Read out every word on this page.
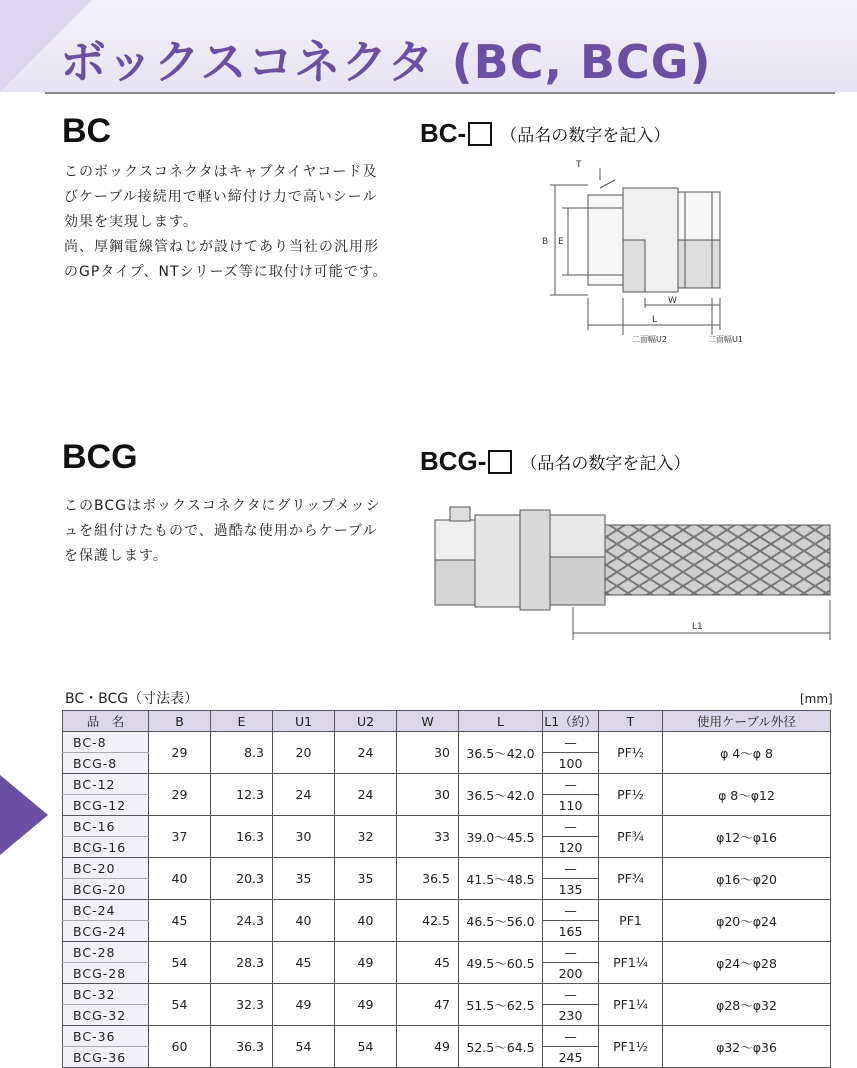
ボックスコネクタ (BC, BCG)
BC	BC- （品名の数字を記入）
このボックスコネクタはキャブタイヤコード及
びケーブル接続用で軽い締付け力で高いシール
効果を実現します。
尚、厚鋼電線管ねじが設けてあり当社の汎用形
のGPタイプ、NTシリーズ等に取付け可能です。
T
B E
W
L
二面幅U2	二面幅U1
BCG	BCG- （品名の数字を記入）
このBCGはボックスコネクタにグリップメッシ
ュを組付けたもので、過酷な使用からケーブル
を保護します。
L1
BC・BCG（寸法表）	[mm]
品　名	B	E	U1	U2	W	L	L1（約）	T	使用ケーブル外径
BC-8	29	8.3	20	24	30	36.5〜42.0	—	PF½	φ 4〜φ 8
BCG-8							100		
BC-12	29	12.3	24	24	30	36.5〜42.0	—	PF½	φ 8〜φ12
BCG-12							110		
BC-16	37	16.3	30	32	33	39.0〜45.5	—	PF¾	φ12〜φ16
BCG-16							120		
BC-20	40	20.3	35	35	36.5	41.5〜48.5	—	PF¾	φ16〜φ20
BCG-20							135		
BC-24	45	24.3	40	40	42.5	46.5〜56.0	—	PF1	φ20〜φ24
BCG-24							165		
BC-28	54	28.3	45	49	45	49.5〜60.5	—	PF1¼	φ24〜φ28
BCG-28							200		
BC-32	54	32.3	49	49	47	51.5〜62.5	—	PF1¼	φ28〜φ32
BCG-32							230		
BC-36	60	36.3	54	54	49	52.5〜64.5	—	PF1½	φ32〜φ36
BCG-36							245		
